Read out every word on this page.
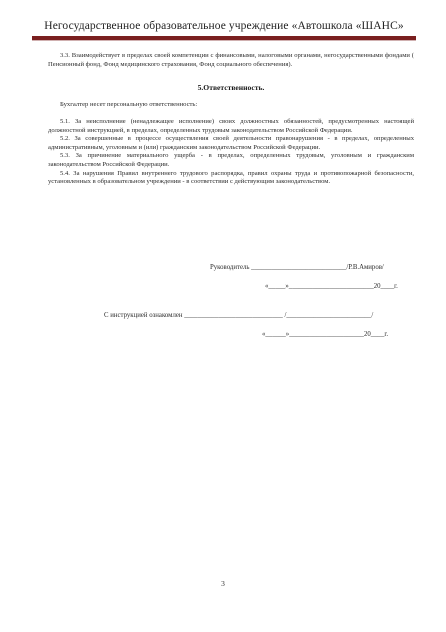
Негосударственное образовательное учреждение «Автошкола «ШАНС»
3.3. Взаимодействует в пределах своей компетенции с финансовыми, налоговыми органами, негосударственными фондами ( Пенсионный фонд, Фонд медицинского страхования, Фонд социального обеспечения).
5.Ответственность.
Бухгалтер несет персональную ответственность:
5.1. За неисполнение (ненадлежащее исполнение) своих должностных обязанностей, предусмотренных настоящей должностной инструкцией, в пределах, определенных трудовым законодательством Российской Федерации.
5.2. За совершенные в процессе осуществления своей деятельности правонарушения - в пределах, определенных административным, уголовным и (или) гражданским законодательством Российской Федерации.
5.3. За причинение материального ущерба - в пределах, определенных трудовым, уголовным и гражданским законодательством Российской Федерации.
5.4. За нарушения Правил внутреннего трудового распорядка, правил охраны труда и противопожарной безопасности, установленных в образовательном учреждении - в соответствии с действующим законодательством.
Руководитель ____________________________/Р.В.Амиров/
«_____»_________________________20____г.
С инструкцией ознакомлен _____________________________ /_________________________/
«______»______________________20____г.
3
